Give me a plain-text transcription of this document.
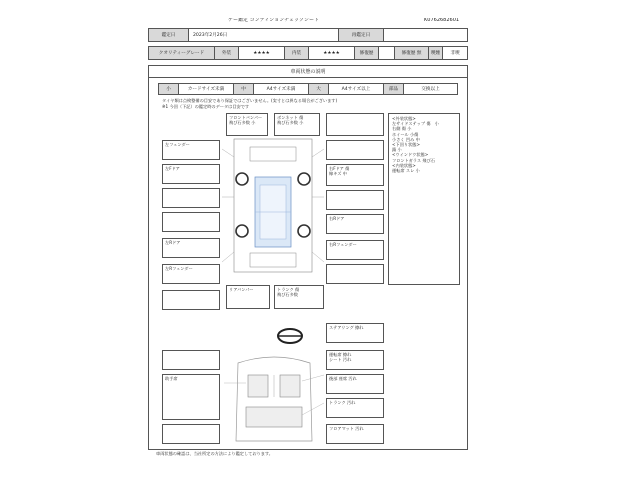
ゲー鑑定 コンディションチェックシート	K0762682601
鑑定日	2023年2月26日	再鑑定日
クオリティーグレード	外装	★★★★	内装	★★★★	修復歴	修復歴 無	喫煙	非喫
車両状態の説明
小	カードサイズ未満	中	A4サイズ未満	大	A4サイズ以上	部品	交換以上
タイヤ類は点検整備の目安であり保証ではございません。(実寸とは異なる場合がございます)
※1 今回（下記）の鑑定時のデータは目安です
フロントバンパー
飛び石多数 小
ボンネット 傷
飛び石多数 小
左フェンダー
左Fドア	右Fドア 傷
線キズ 中
右Rドア
左Rドア	右Rフェンダー
左Rフェンダー
リアバンパー	トランク 傷
飛び石多数
<外装状態>
左サイドステップ 傷　小
右側 傷 小
ホイール 小傷
小さく 凹み 中
<下回り状態>
錆 小
<ウインドウ状態>
フロントガラス 飛び石
<内装状態>
運転席 スレ 小
ステアリング 擦れ
運転席 擦れ
シート 汚れ
助手席	後部 座席 汚れ
トランク 汚れ
フロアマット 汚れ
車両状態の確認は、当社所定の方法により鑑定しております。
